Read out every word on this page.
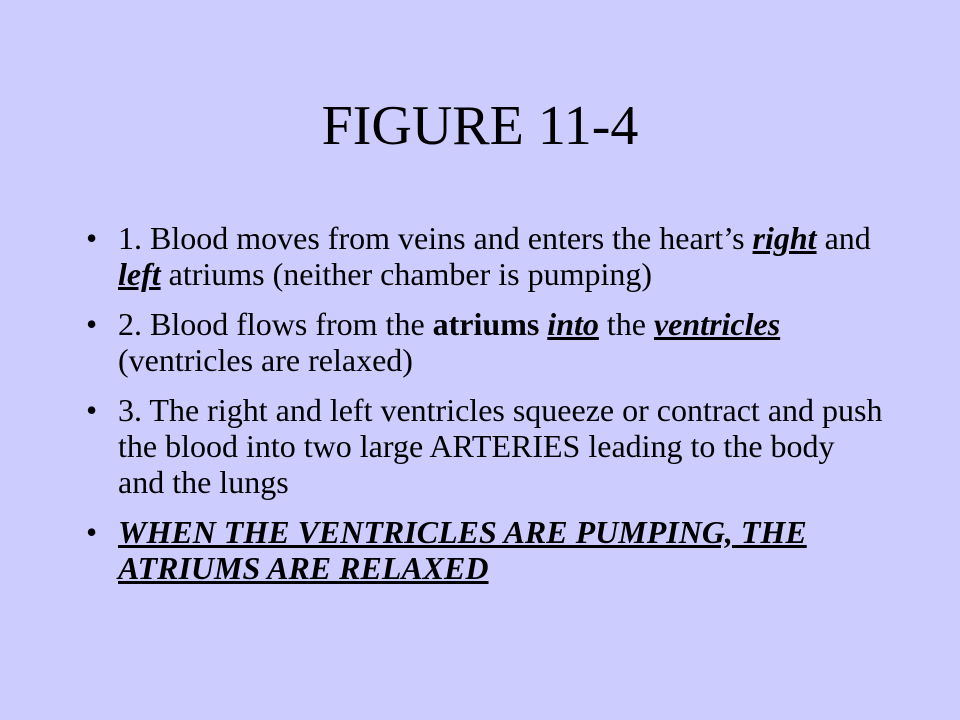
FIGURE 11-4
• 1. Blood moves from veins and enters the heart’s right and left atriums (neither chamber is pumping)
• 2. Blood flows from the atriums into the ventricles (ventricles are relaxed)
• 3. The right and left ventricles squeeze or contract and push the blood into two large ARTERIES leading to the body and the lungs
• WHEN THE VENTRICLES ARE PUMPING, THE ATRIUMS ARE RELAXED
